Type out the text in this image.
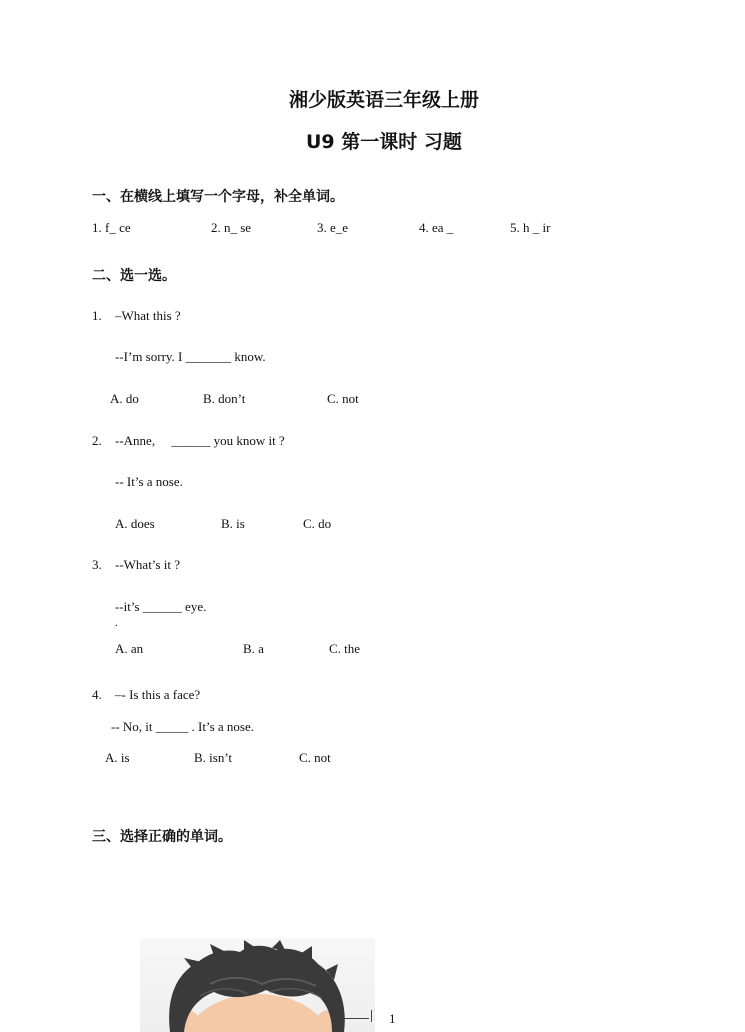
湘少版英语三年级上册
U9 第一课时 习题
一、在横线上填写一个字母，补全单词。
1. f_ ce	2. n_ se	3. e_e	4. ea _	5. h _ ir
二、选一选。
1. –What this ?
--I’m sorry. I _______ know.
A. do	B. don’t	C. not
2. --Anne,     ______ you know it ?
-- It’s a nose.
A. does	B. is	C. do
3. --What’s it ?
--it’s ______ eye.
.
A. an	B. a	C. the
4. –- Is this a face?
-- No, it _____ . It’s a nose.
A. is	B. isn’t	C. not
三、选择正确的单词。
1
